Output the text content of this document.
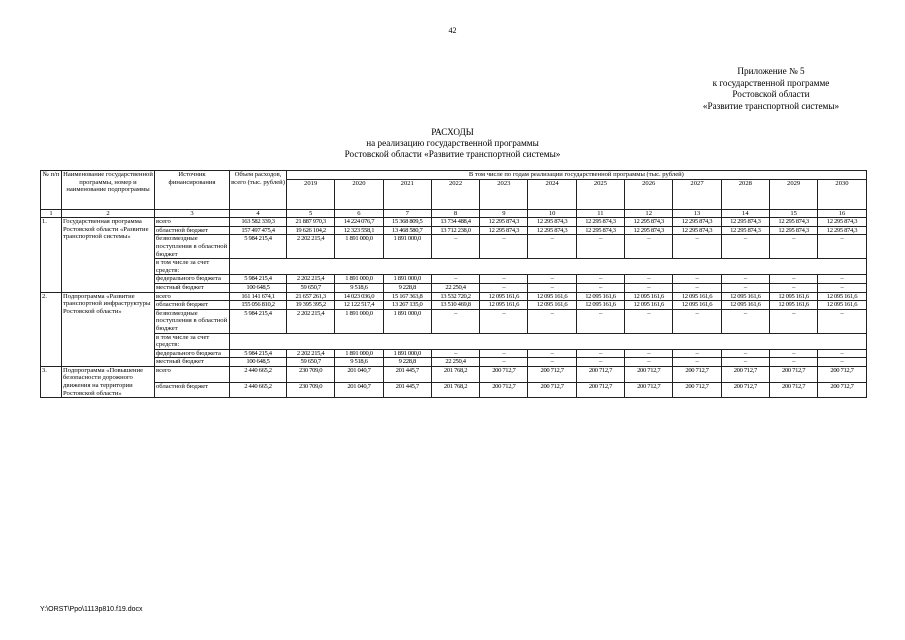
42
Приложение № 5
к государственной программе
Ростовской области
«Развитие транспортной системы»
РАСХОДЫ
на реализацию государственной программы
Ростовской области «Развитие транспортной системы»
№ п/п	Наименование государственной программы, номер и наименование подпрограммы	Источник финансирования	Объем расходов, всего (тыс. рублей)	В том числе по годам реализации государственной программы (тыс. рублей)											
				2019	2020	2021	2022	2023	2024	2025	2026	2027	2028	2029	2030
1	2	3	4	5	6	7	8	9	10	11	12	13	14	15	16
1.	Государственная программа Ростовской области «Развитие транспортной системы»	всего	163 582 339,3	21 887 970,3	14 224 076,7	15 368 809,5	13 734 488,4	12 295 874,3	12 295 874,3	12 295 874,3	12 295 874,3	12 295 874,3	12 295 874,3	12 295 874,3	12 295 874,3
		областной бюджет	157 497 475,4	19 626 104,2	12 323 558,1	13 468 580,7	13 712 238,0	12 295 874,3	12 295 874,3	12 295 874,3	12 295 874,3	12 295 874,3	12 295 874,3	12 295 874,3	12 295 874,3
		безвозмездные поступления в областной бюджет	5 984 215,4	2 202 215,4	1 891 000,0	1 891 000,0	–	–	–	–	–	–	–	–	–
		в том числе за счет средств:													
		федерального бюджета	5 984 215,4	2 202 215,4	1 891 000,0	1 891 000,0	–	–	–	–	–	–	–	–	–
		местный бюджет	100 648,5	59 650,7	9 518,6	9 228,8	22 250,4	–	–	–	–	–	–	–	–
2.	Подпрограмма «Развитие транспортной инфраструктуры Ростовской области»	всего	161 141 674,1	21 657 261,3	14 023 036,0	15 167 363,8	13 532 720,2	12 095 161,6	12 095 161,6	12 095 161,6	12 095 161,6	12 095 161,6	12 095 161,6	12 095 161,6	12 095 161,6
		областной бюджет	155 056 810,2	19 395 395,2	12 122 517,4	13 267 135,0	13 510 469,8	12 095 161,6	12 095 161,6	12 095 161,6	12 095 161,6	12 095 161,6	12 095 161,6	12 095 161,6	12 095 161,6
		безвозмездные поступления в областной бюджет	5 984 215,4	2 202 215,4	1 891 000,0	1 891 000,0	–	–	–	–	–	–	–	–	–
		в том числе за счет средств:													
		федерального бюджета	5 984 215,4	2 202 215,4	1 891 000,0	1 891 000,0	–	–	–	–	–	–	–	–	–
		местный бюджет	100 648,5	59 650,7	9 518,6	9 228,8	22 250,4	–	–	–	–	–	–	–	–
3.	Подпрограмма «Повышение безопасности дорожного движения на территории Ростовской области»	всего	2 440 665,2	230 709,0	201 040,7	201 445,7	201 768,2	200 712,7	200 712,7	200 712,7	200 712,7	200 712,7	200 712,7	200 712,7	200 712,7
		областной бюджет	2 440 665,2	230 709,0	201 040,7	201 445,7	201 768,2	200 712,7	200 712,7	200 712,7	200 712,7	200 712,7	200 712,7	200 712,7	200 712,7
Y:\ORST\Ppo\1113p810.f19.docx
